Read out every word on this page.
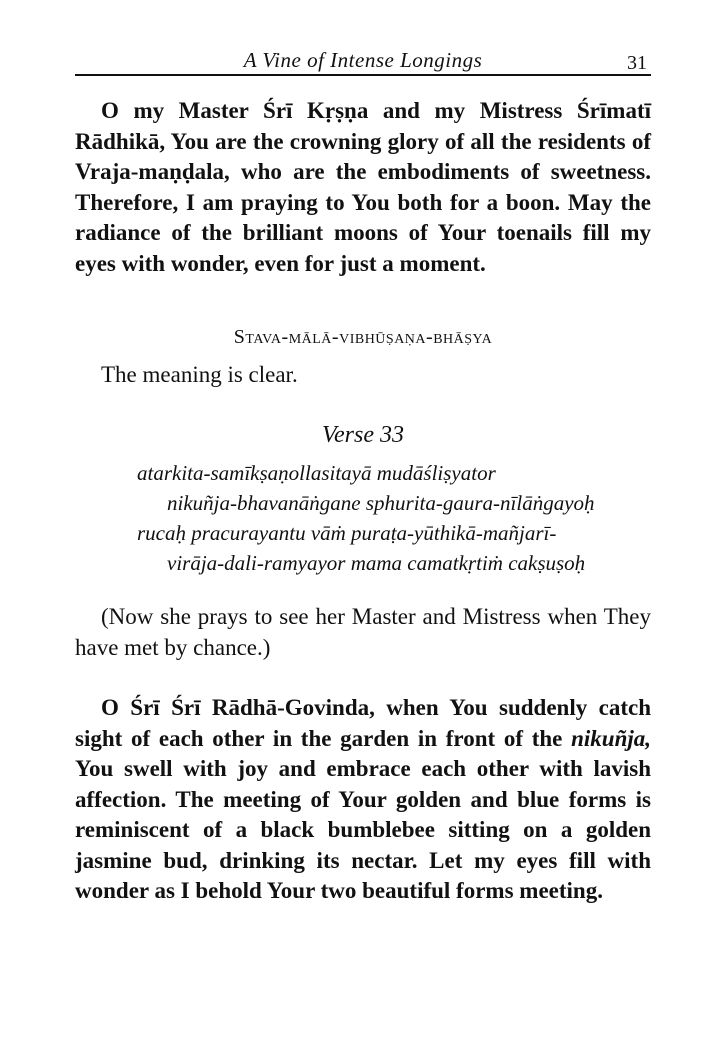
A Vine of Intense Longings	31

O my Master Śrī Kṛṣṇa and my Mistress Śrīmatī Rādhikā, You are the crowning glory of all the residents of Vraja-maṇḍala, who are the embodiments of sweetness. Therefore, I am praying to You both for a boon. May the radiance of the brilliant moons of Your toenails fill my eyes with wonder, even for just a moment.

Stava-mālā-vibhūṣaṇa-bhāṣya
The meaning is clear.
Verse 33
atarkita-samīkṣaṇollasitayā mudāśliṣyator
nikuñja-bhavanāṅgane sphurita-gaura-nīlāṅgayoḥ
rucaḥ pracurayantu vāṁ puraṭa-yūthikā-mañjarī-
virāja-dali-ramyayor mama camatkṛtiṁ cakṣuṣoḥ

(Now she prays to see her Master and Mistress when They have met by chance.)

O Śrī Śrī Rādhā-Govinda, when You suddenly catch sight of each other in the garden in front of the nikuñja, You swell with joy and embrace each other with lavish affection. The meeting of Your golden and blue forms is reminiscent of a black bumblebee sitting on a golden jasmine bud, drinking its nectar. Let my eyes fill with wonder as I behold Your two beautiful forms meeting.
